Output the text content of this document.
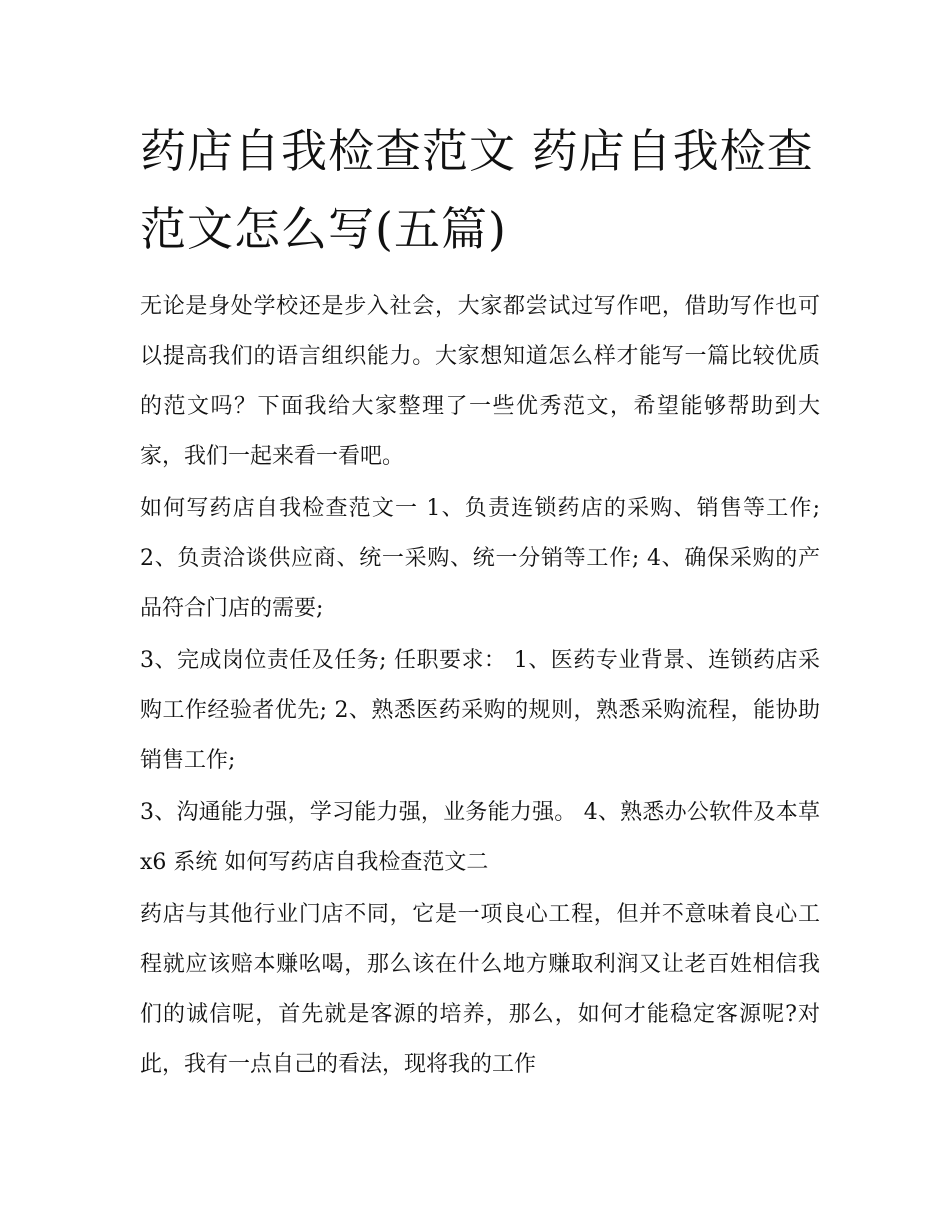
药店自我检查范文 药店自我检查范文怎么写(五篇)

无论是身处学校还是步入社会，大家都尝试过写作吧，借助写作也可以提高我们的语言组织能力。大家想知道怎么样才能写一篇比较优质的范文吗？下面我给大家整理了一些优秀范文，希望能够帮助到大家，我们一起来看一看吧。

如何写药店自我检查范文一 1、负责连锁药店的采购、销售等工作; 2、负责洽谈供应商、统一采购、统一分销等工作; 4、确保采购的产品符合门店的需要;

3、完成岗位责任及任务; 任职要求： 1、医药专业背景、连锁药店采购工作经验者优先; 2、熟悉医药采购的规则，熟悉采购流程，能协助销售工作;

3、沟通能力强，学习能力强，业务能力强。 4、熟悉办公软件及本草 x6 系统 如何写药店自我检查范文二

药店与其他行业门店不同，它是一项良心工程，但并不意味着良心工程就应该赔本赚吆喝，那么该在什么地方赚取利润又让老百姓相信我们的诚信呢，首先就是客源的培养，那么，如何才能稳定客源呢?对此，我有一点自己的看法，现将我的工作
